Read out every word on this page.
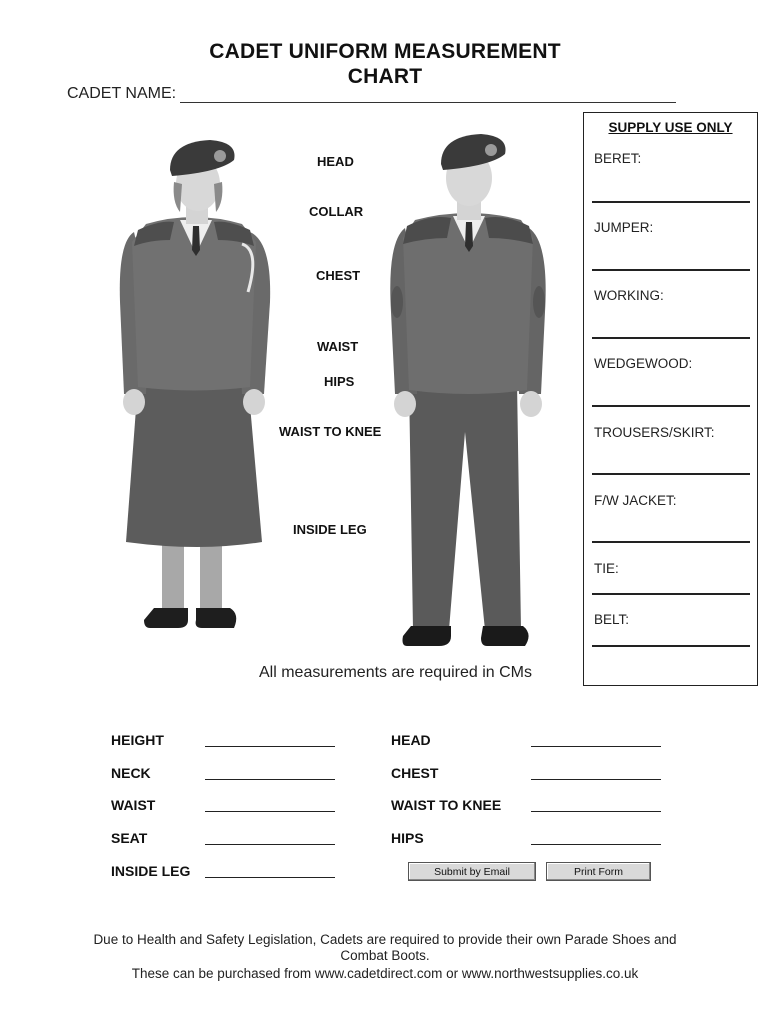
CADET UNIFORM MEASUREMENT
CHART
CADET NAME:
HEAD
COLLAR
CHEST
WAIST
HIPS
WAIST TO KNEE
INSIDE LEG
SUPPLY USE ONLY
BERET:
JUMPER:
WORKING:
WEDGEWOOD:
TROUSERS/SKIRT:
F/W JACKET:
TIE:
BELT:
All measurements are required in CMs
HEIGHT
NECK
WAIST
SEAT
INSIDE LEG
HEAD
CHEST
WAIST TO KNEE
HIPS
Submit by Email	Print Form
Due to Health and Safety Legislation, Cadets are required to provide their own Parade Shoes and
Combat Boots.
These can be purchased from www.cadetdirect.com or www.northwestsupplies.co.uk
